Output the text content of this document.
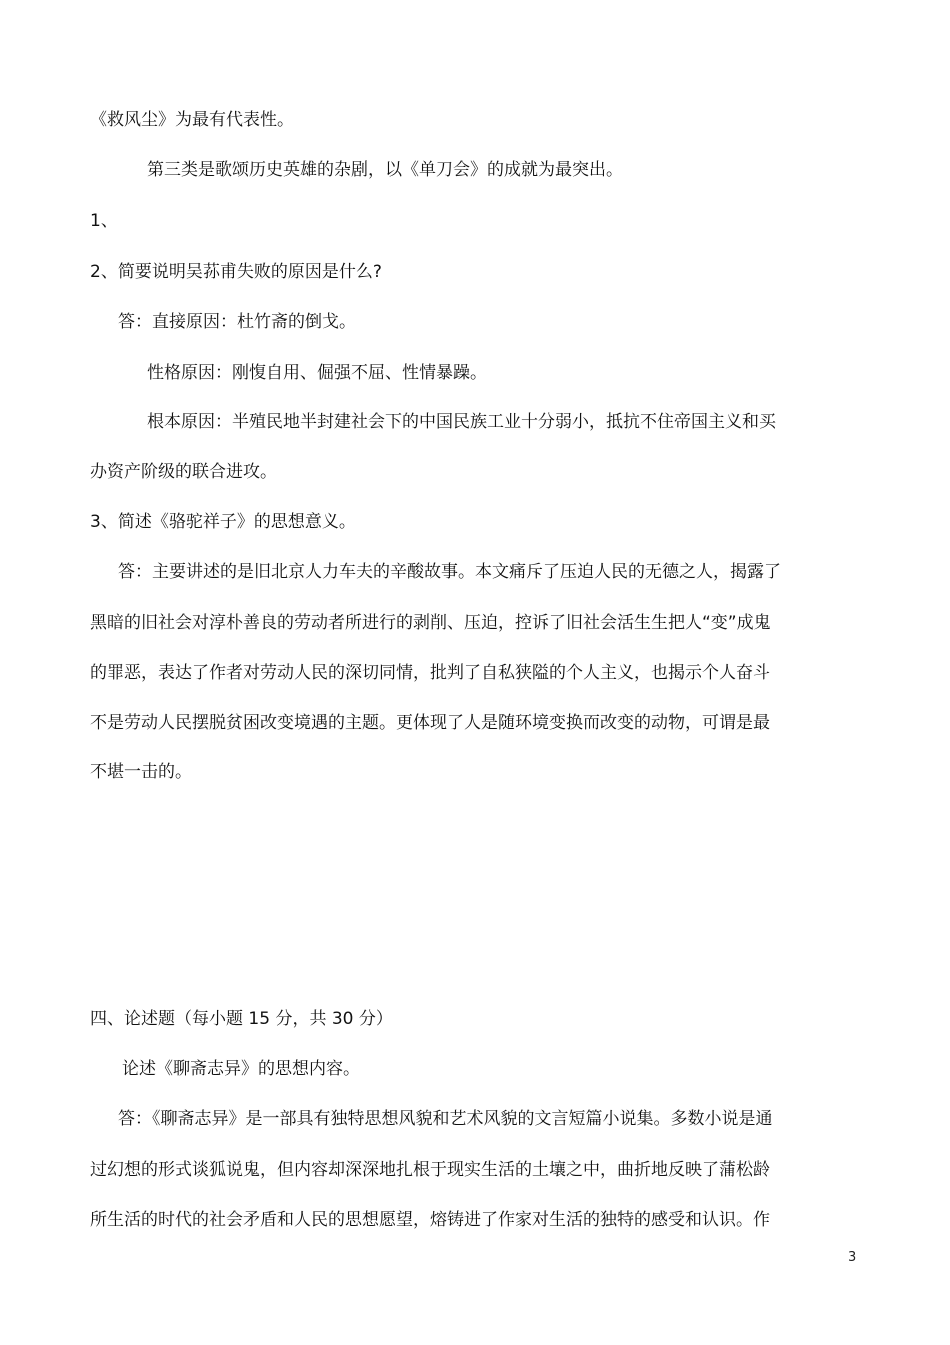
《救风尘》为最有代表性。
第三类是歌颂历史英雄的杂剧，以《单刀会》的成就为最突出。
1、
2、简要说明吴荪甫失败的原因是什么?
答：直接原因：杜竹斋的倒戈。
性格原因：刚愎自用、倔强不屈、性情暴躁。
根本原因：半殖民地半封建社会下的中国民族工业十分弱小，抵抗不住帝国主义和买
办资产阶级的联合进攻。
3、简述《骆驼祥子》的思想意义。
答：主要讲述的是旧北京人力车夫的辛酸故事。本文痛斥了压迫人民的无德之人，揭露了
黑暗的旧社会对淳朴善良的劳动者所进行的剥削、压迫，控诉了旧社会活生生把人“变”成鬼
的罪恶，表达了作者对劳动人民的深切同情，批判了自私狭隘的个人主义，也揭示个人奋斗
不是劳动人民摆脱贫困改变境遇的主题。更体现了人是随环境变换而改变的动物，可谓是最
不堪一击的。
四、论述题（每小题 15 分，共 30 分）
论述《聊斋志异》的思想内容。
答：《聊斋志异》是一部具有独特思想风貌和艺术风貌的文言短篇小说集。多数小说是通
过幻想的形式谈狐说鬼，但内容却深深地扎根于现实生活的土壤之中，曲折地反映了蒲松龄
所生活的时代的社会矛盾和人民的思想愿望，熔铸进了作家对生活的独特的感受和认识。作
3
